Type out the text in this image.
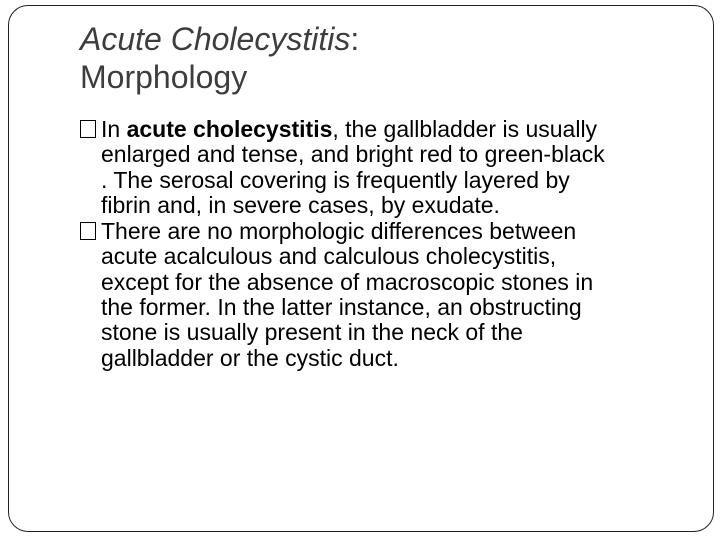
Acute Cholecystitis:
Morphology
In acute cholecystitis, the gallbladder is usually
enlarged and tense, and bright red to green-black
. The serosal covering is frequently layered by
fibrin and, in severe cases, by exudate.
There are no morphologic differences between
acute acalculous and calculous cholecystitis,
except for the absence of macroscopic stones in
the former. In the latter instance, an obstructing
stone is usually present in the neck of the
gallbladder or the cystic duct.
